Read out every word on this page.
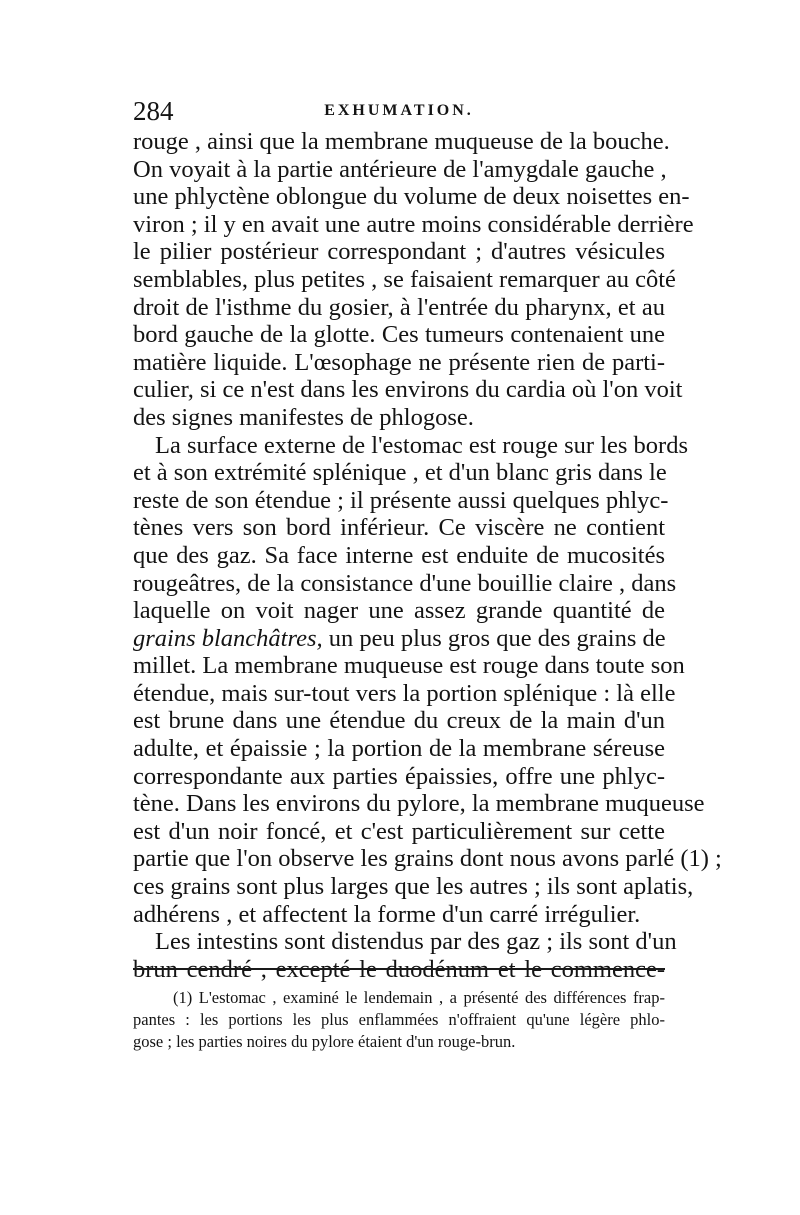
284	EXHUMATION.
rouge , ainsi que la membrane muqueuse de la bouche.
On voyait à la partie antérieure de l'amygdale gauche ,
une phlyctène oblongue du volume de deux noisettes en-
viron ; il y en avait une autre moins considérable derrière
le pilier postérieur correspondant ; d'autres vésicules
semblables, plus petites , se faisaient remarquer au côté
droit de l'isthme du gosier, à l'entrée du pharynx, et au
bord gauche de la glotte. Ces tumeurs contenaient une
matière liquide. L'œsophage ne présente rien de parti-
culier, si ce n'est dans les environs du cardia où l'on voit
des signes manifestes de phlogose.
La surface externe de l'estomac est rouge sur les bords
et à son extrémité splénique , et d'un blanc gris dans le
reste de son étendue ; il présente aussi quelques phlyc-
tènes vers son bord inférieur. Ce viscère ne contient
que des gaz. Sa face interne est enduite de mucosités
rougeâtres, de la consistance d'une bouillie claire , dans
laquelle on voit nager une assez grande quantité de
grains blanchâtres, un peu plus gros que des grains de
millet. La membrane muqueuse est rouge dans toute son
étendue, mais sur-tout vers la portion splénique : là elle
est brune dans une étendue du creux de la main d'un
adulte, et épaissie ; la portion de la membrane séreuse
correspondante aux parties épaissies, offre une phlyc-
tène. Dans les environs du pylore, la membrane muqueuse
est d'un noir foncé, et c'est particulièrement sur cette
partie que l'on observe les grains dont nous avons parlé (1) ;
ces grains sont plus larges que les autres ; ils sont aplatis,
adhérens , et affectent la forme d'un carré irrégulier.
Les intestins sont distendus par des gaz ; ils sont d'un
brun cendré , excepté le duodénum et le commence-
(1) L'estomac , examiné le lendemain , a présenté des différences frap-
pantes : les portions les plus enflammées n'offraient qu'une légère phlo-
gose ; les parties noires du pylore étaient d'un rouge-brun.
